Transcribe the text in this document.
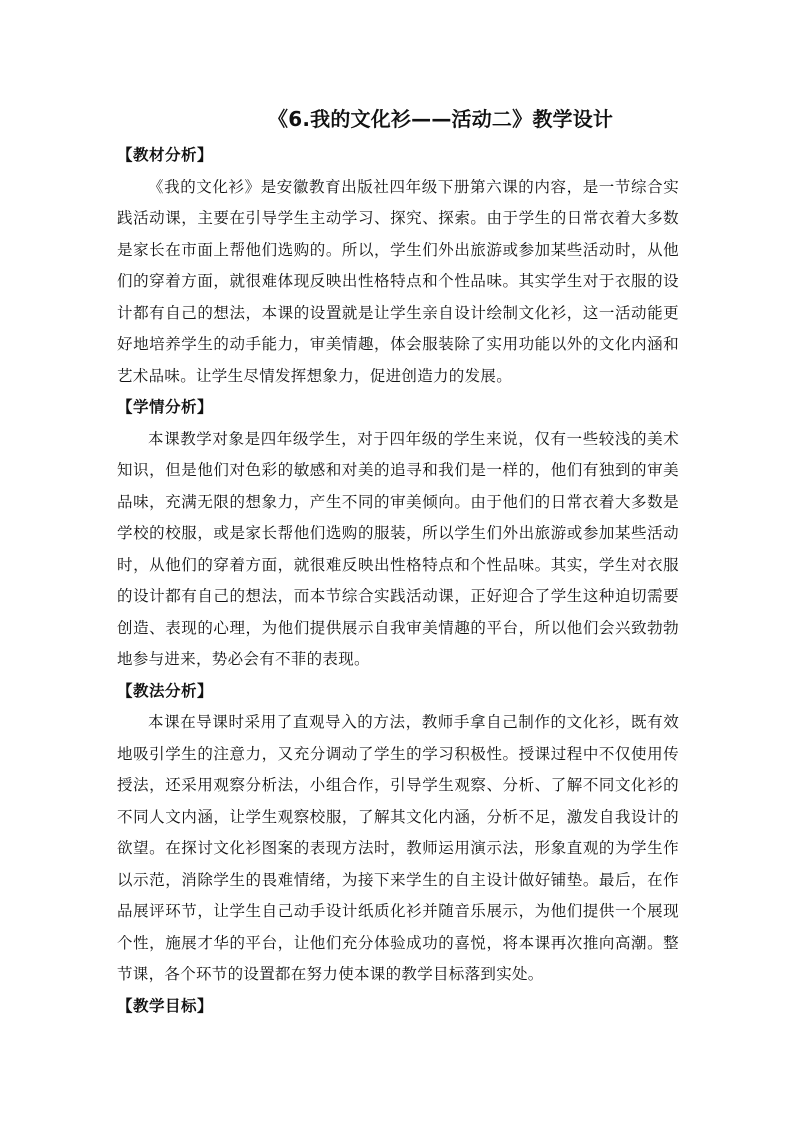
《6.我的文化衫——活动二》教学设计
【教材分析】

《我的文化衫》是安徽教育出版社四年级下册第六课的内容，是一节综合实践活动课，主要在引导学生主动学习、探究、探索。由于学生的日常衣着大多数是家长在市面上帮他们选购的。所以，学生们外出旅游或参加某些活动时，从他们的穿着方面，就很难体现反映出性格特点和个性品味。其实学生对于衣服的设计都有自己的想法，本课的设置就是让学生亲自设计绘制文化衫，这一活动能更好地培养学生的动手能力，审美情趣，体会服装除了实用功能以外的文化内涵和艺术品味。让学生尽情发挥想象力，促进创造力的发展。

【学情分析】

本课教学对象是四年级学生，对于四年级的学生来说，仅有一些较浅的美术知识，但是他们对色彩的敏感和对美的追寻和我们是一样的，他们有独到的审美品味，充满无限的想象力，产生不同的审美倾向。由于他们的日常衣着大多数是学校的校服，或是家长帮他们选购的服装，所以学生们外出旅游或参加某些活动时，从他们的穿着方面，就很难反映出性格特点和个性品味。其实，学生对衣服的设计都有自己的想法，而本节综合实践活动课，正好迎合了学生这种迫切需要创造、表现的心理，为他们提供展示自我审美情趣的平台，所以他们会兴致勃勃地参与进来，势必会有不菲的表现。

【教法分析】

本课在导课时采用了直观导入的方法，教师手拿自己制作的文化衫，既有效地吸引学生的注意力，又充分调动了学生的学习积极性。授课过程中不仅使用传授法，还采用观察分析法，小组合作，引导学生观察、分析、了解不同文化衫的不同人文内涵，让学生观察校服，了解其文化内涵，分析不足，激发自我设计的欲望。在探讨文化衫图案的表现方法时，教师运用演示法，形象直观的为学生作以示范，消除学生的畏难情绪，为接下来学生的自主设计做好铺垫。最后，在作品展评环节，让学生自己动手设计纸质化衫并随音乐展示，为他们提供一个展现个性，施展才华的平台，让他们充分体验成功的喜悦，将本课再次推向高潮。整节课，各个环节的设置都在努力使本课的教学目标落到实处。

【教学目标】
